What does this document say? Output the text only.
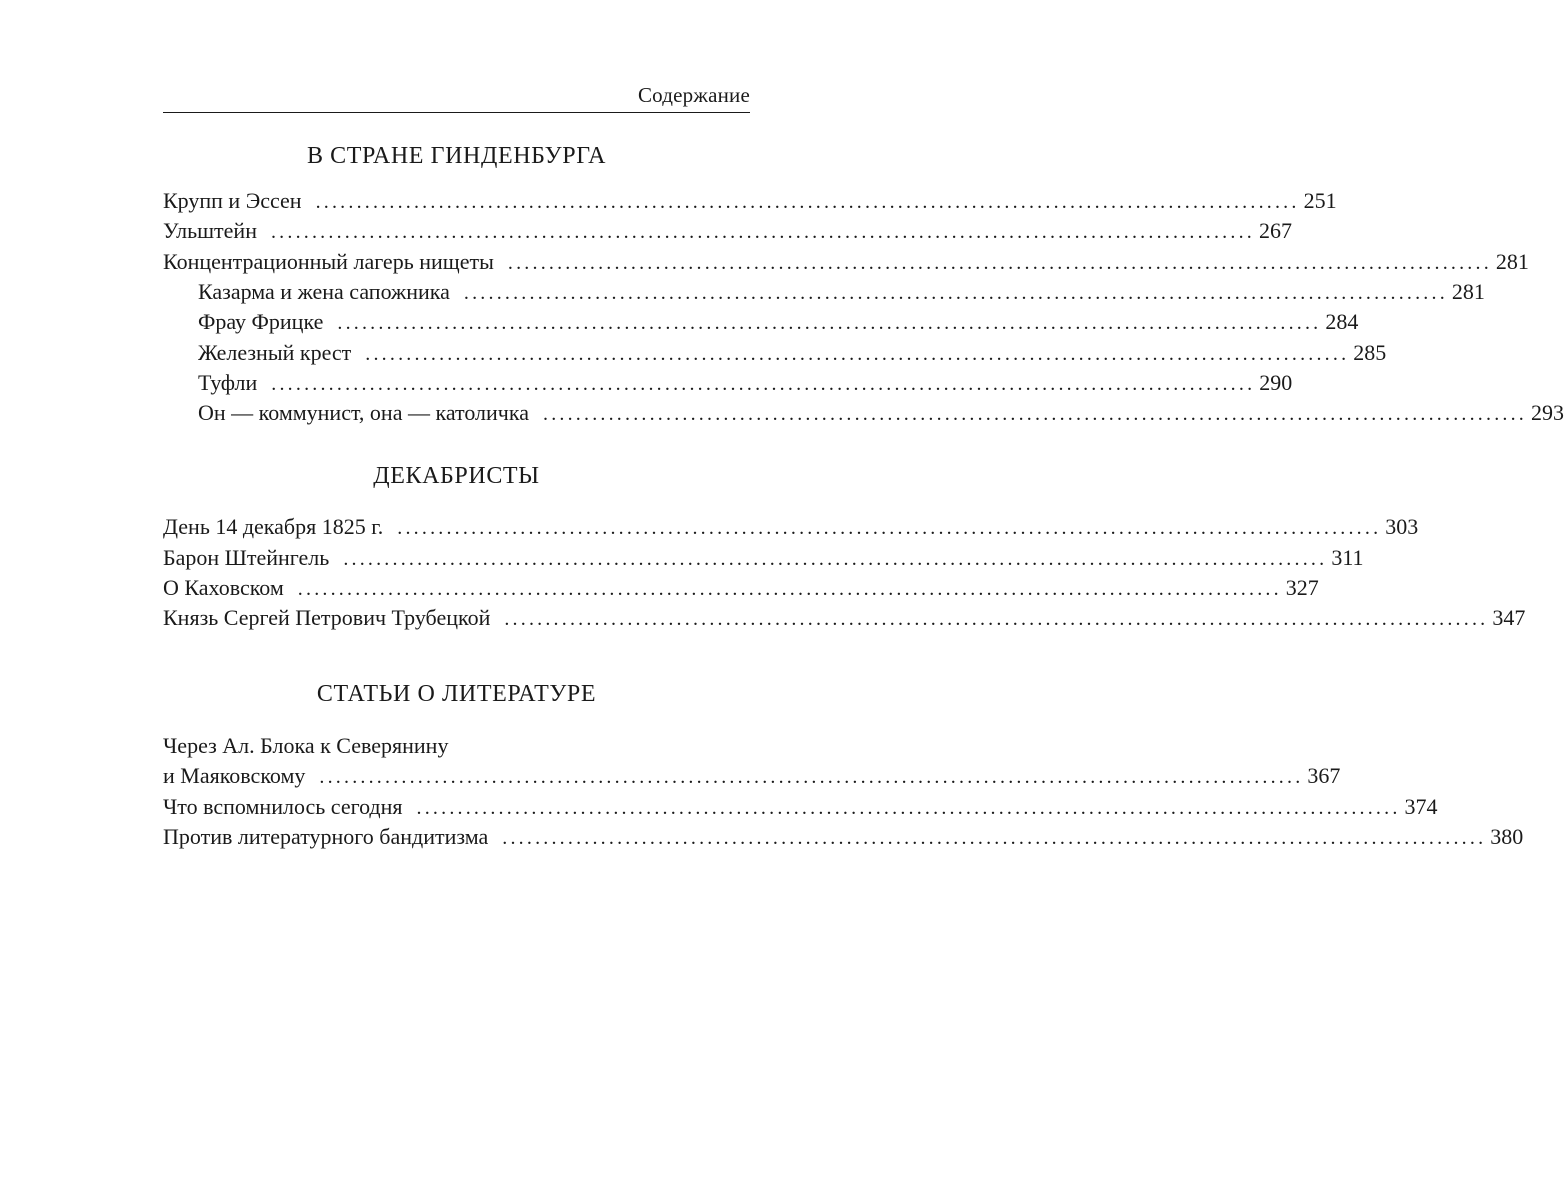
Содержание
В СТРАНЕ ГИНДЕНБУРГА
Крупп и Эссен ........................................................................................................................ 251
Ульштейн ........................................................................................................................ 267
Концентрационный лагерь нищеты ........................................................................................................................ 281
Казарма и жена сапожника ........................................................................................................................ 281
Фрау Фрицке ........................................................................................................................ 284
Железный крест ........................................................................................................................ 285
Туфли ........................................................................................................................ 290
Он — коммунист, она — католичка ........................................................................................................................ 293
ДЕКАБРИСТЫ
День 14 декабря 1825 г. ........................................................................................................................ 303
Барон Штейнгель ........................................................................................................................ 311
О Каховском ........................................................................................................................ 327
Князь Сергей Петрович Трубецкой ........................................................................................................................ 347
СТАТЬИ О ЛИТЕРАТУРЕ
Через Ал. Блока к Северянину
и Маяковскому ........................................................................................................................ 367
Что вспомнилось сегодня ........................................................................................................................ 374
Против литературного бандитизма ........................................................................................................................ 380
